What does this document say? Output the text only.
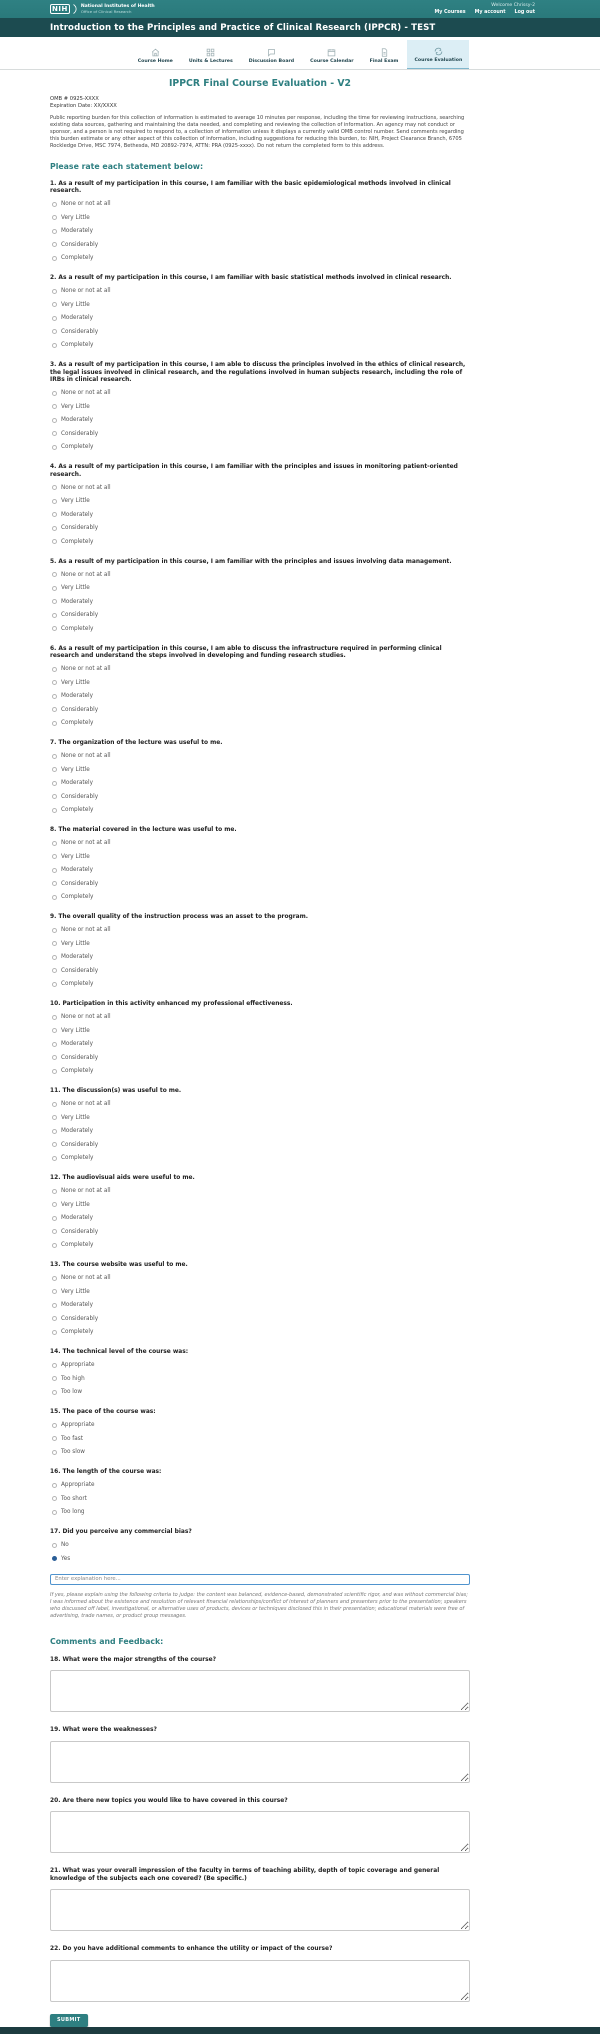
NIH	National Institutes of Health
Office of Clinical Research
Welcome Chrissy-2
My Courses My account Log out
Introduction to the Principles and Practice of Clinical Research (IPPCR) - TEST
Course Home	Units & Lectures	Discussion Board	Course Calendar	Final Exam	Course Evaluation
IPPCR Final Course Evaluation - V2
OMB # 0925-XXXX
Expiration Date: XX/XXXX
Public reporting burden for this collection of information is estimated to average 10 minutes per response, including the time for reviewing instructions, searching existing data sources, gathering and maintaining the data needed, and completing and reviewing the collection of information. An agency may not conduct or sponsor, and a person is not required to respond to, a collection of information unless it displays a currently valid OMB control number. Send comments regarding this burden estimate or any other aspect of this collection of information, including suggestions for reducing this burden, to: NIH, Project Clearance Branch, 6705 Rockledge Drive, MSC 7974, Bethesda, MD 20892-7974, ATTN: PRA (0925-xxxx). Do not return the completed form to this address.
Please rate each statement below:
1. As a result of my participation in this course, I am familiar with the basic epidemiological methods involved in clinical research.
None or not at all
Very Little
Moderately
Considerably
Completely
2. As a result of my participation in this course, I am familiar with basic statistical methods involved in clinical research.
None or not at all
Very Little
Moderately
Considerably
Completely
3. As a result of my participation in this course, I am able to discuss the principles involved in the ethics of clinical research, the legal issues involved in clinical research, and the regulations involved in human subjects research, including the role of IRBs in clinical research.
None or not at all
Very Little
Moderately
Considerably
Completely
4. As a result of my participation in this course, I am familiar with the principles and issues in monitoring patient-oriented research.
None or not at all
Very Little
Moderately
Considerably
Completely
5. As a result of my participation in this course, I am familiar with the principles and issues involving data management.
None or not at all
Very Little
Moderately
Considerably
Completely
6. As a result of my participation in this course, I am able to discuss the infrastructure required in performing clinical research and understand the steps involved in developing and funding research studies.
None or not at all
Very Little
Moderately
Considerably
Completely
7. The organization of the lecture was useful to me.
None or not at all
Very Little
Moderately
Considerably
Completely
8. The material covered in the lecture was useful to me.
None or not at all
Very Little
Moderately
Considerably
Completely
9. The overall quality of the instruction process was an asset to the program.
None or not at all
Very Little
Moderately
Considerably
Completely
10. Participation in this activity enhanced my professional effectiveness.
None or not at all
Very Little
Moderately
Considerably
Completely
11. The discussion(s) was useful to me.
None or not at all
Very Little
Moderately
Considerably
Completely
12. The audiovisual aids were useful to me.
None or not at all
Very Little
Moderately
Considerably
Completely
13. The course website was useful to me.
None or not at all
Very Little
Moderately
Considerably
Completely
14. The technical level of the course was:
Appropriate
Too high
Too low
15. The pace of the course was:
Appropriate
Too fast
Too slow
16. The length of the course was:
Appropriate
Too short
Too long
17. Did you perceive any commercial bias?
No
Yes
Enter explanation here...
If yes, please explain using the following criteria to judge: the content was balanced, evidence-based, demonstrated scientific rigor, and was without commercial bias; I was informed about the existence and resolution of relevant financial relationships/conflict of interest of planners and presenters prior to the presentation; speakers who discussed off label, investigational, or alternative uses of products, devices or techniques disclosed this in their presentation; educational materials were free of advertising, trade names, or product group messages.
Comments and Feedback:
18. What were the major strengths of the course?
19. What were the weaknesses?
20. Are there new topics you would like to have covered in this course?
21. What was your overall impression of the faculty in terms of teaching ability, depth of topic coverage and general knowledge of the subjects each one covered? (Be specific.)
22. Do you have additional comments to enhance the utility or impact of the course?
SUBMIT
